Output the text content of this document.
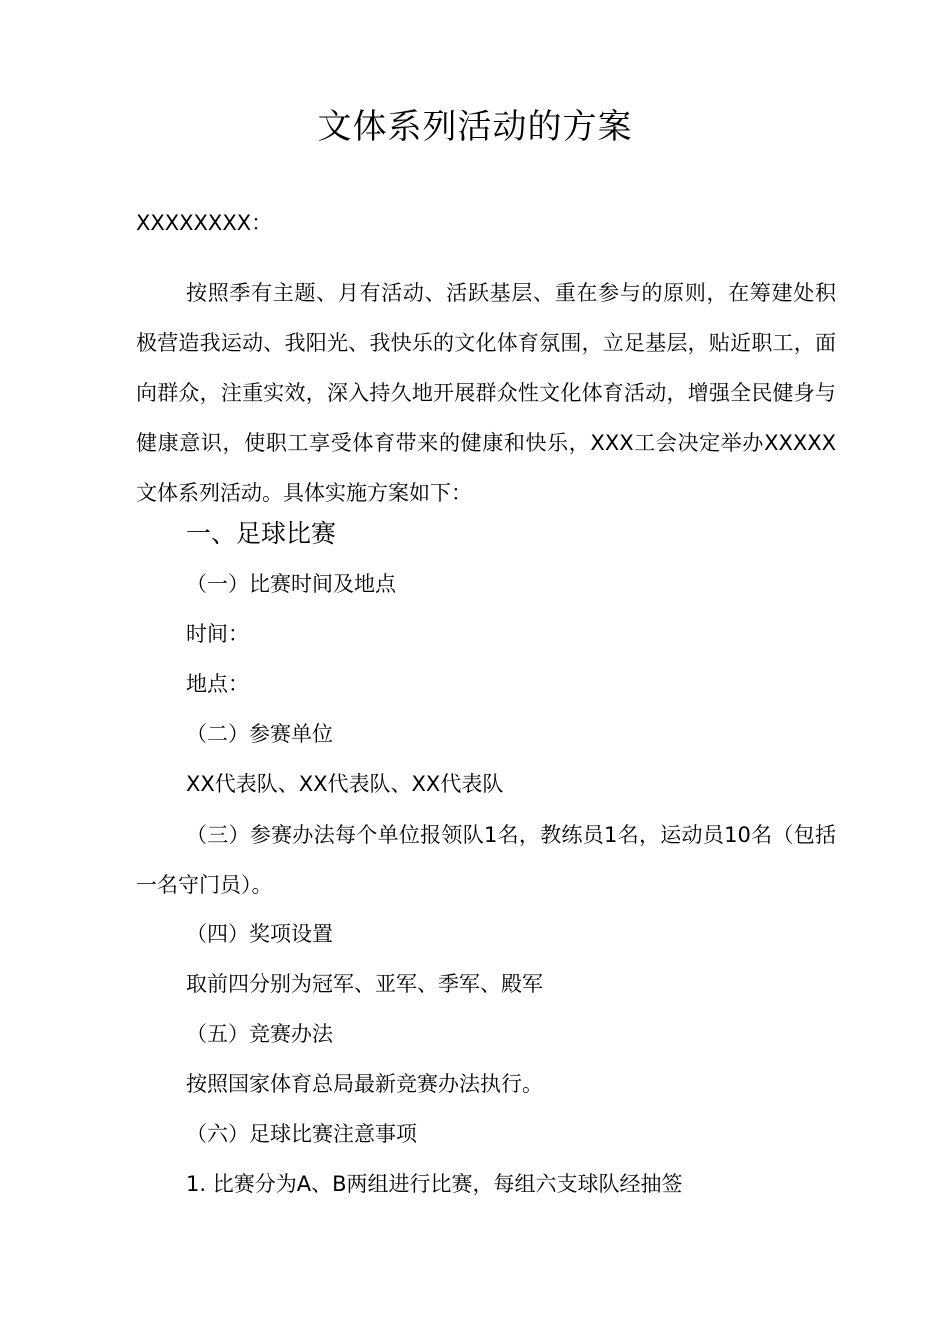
文体系列活动的方案
XXXXXXXX：
按照季有主题、月有活动、活跃基层、重在参与的原则，在筹建处积极营造我运动、我阳光、我快乐的文化体育氛围，立足基层，贴近职工，面向群众，注重实效，深入持久地开展群众性文化体育活动，增强全民健身与健康意识，使职工享受体育带来的健康和快乐，XXX工会决定举办XXXXX文体系列活动。具体实施方案如下：
一、足球比赛
（一）比赛时间及地点
时间：
地点：
（二）参赛单位
XX代表队、XX代表队、XX代表队
（三）参赛办法每个单位报领队1名，教练员1名，运动员10名（包括一名守门员）。
（四）奖项设置
取前四分别为冠军、亚军、季军、殿军
（五）竞赛办法
按照国家体育总局最新竞赛办法执行。
（六）足球比赛注意事项
1. 比赛分为A、B两组进行比赛，每组六支球队经抽签
